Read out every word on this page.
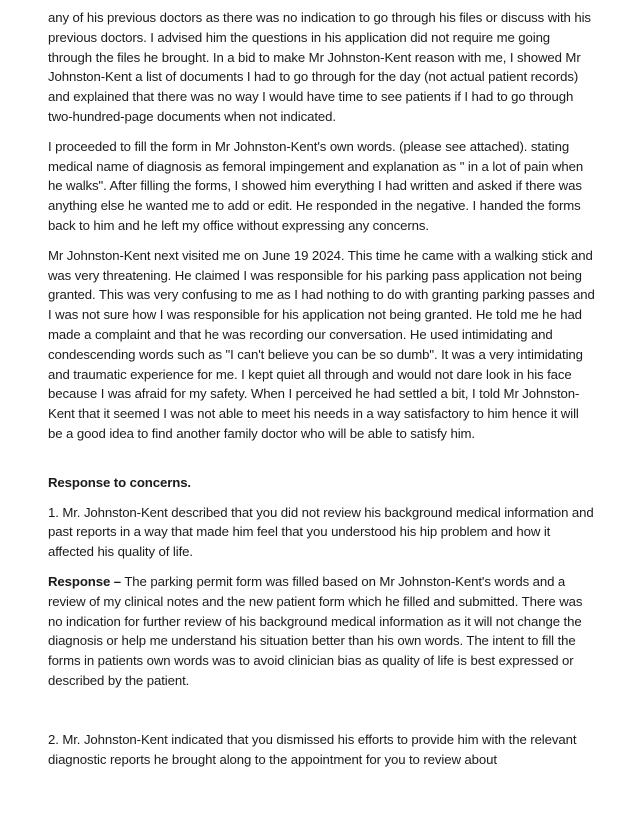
any of his previous doctors as there was no indication to go through his files or discuss with his previous doctors. I advised him the questions in his application did not require me going through the files he brought. In a bid to make Mr Johnston-Kent reason with me, I showed Mr Johnston-Kent a list of documents I had to go through for the day (not actual patient records) and explained that there was no way I would have time to see patients if I had to go through two-hundred-page documents when not indicated.

I proceeded to fill the form in Mr Johnston-Kent's own words. (please see attached). stating medical name of diagnosis as femoral impingement and explanation as " in a lot of pain when he walks". After filling the forms, I showed him everything I had written and asked if there was anything else he wanted me to add or edit. He responded in the negative. I handed the forms back to him and he left my office without expressing any concerns.

Mr Johnston-Kent next visited me on June 19 2024. This time he came with a walking stick and was very threatening. He claimed I was responsible for his parking pass application not being granted. This was very confusing to me as I had nothing to do with granting parking passes and I was not sure how I was responsible for his application not being granted. He told me he had made a complaint and that he was recording our conversation. He used intimidating and condescending words such as "I can't believe you can be so dumb". It was a very intimidating and traumatic experience for me. I kept quiet all through and would not dare look in his face because I was afraid for my safety. When I perceived he had settled a bit, I told Mr Johnston-Kent that it seemed I was not able to meet his needs in a way satisfactory to him hence it will be a good idea to find another family doctor who will be able to satisfy him.

Response to concerns.

1. Mr. Johnston-Kent described that you did not review his background medical information and past reports in a way that made him feel that you understood his hip problem and how it affected his quality of life.

Response – The parking permit form was filled based on Mr Johnston-Kent's words and a review of my clinical notes and the new patient form which he filled and submitted. There was no indication for further review of his background medical information as it will not change the diagnosis or help me understand his situation better than his own words. The intent to fill the forms in patients own words was to avoid clinician bias as quality of life is best expressed or described by the patient.

2. Mr. Johnston-Kent indicated that you dismissed his efforts to provide him with the relevant diagnostic reports he brought along to the appointment for you to review about
